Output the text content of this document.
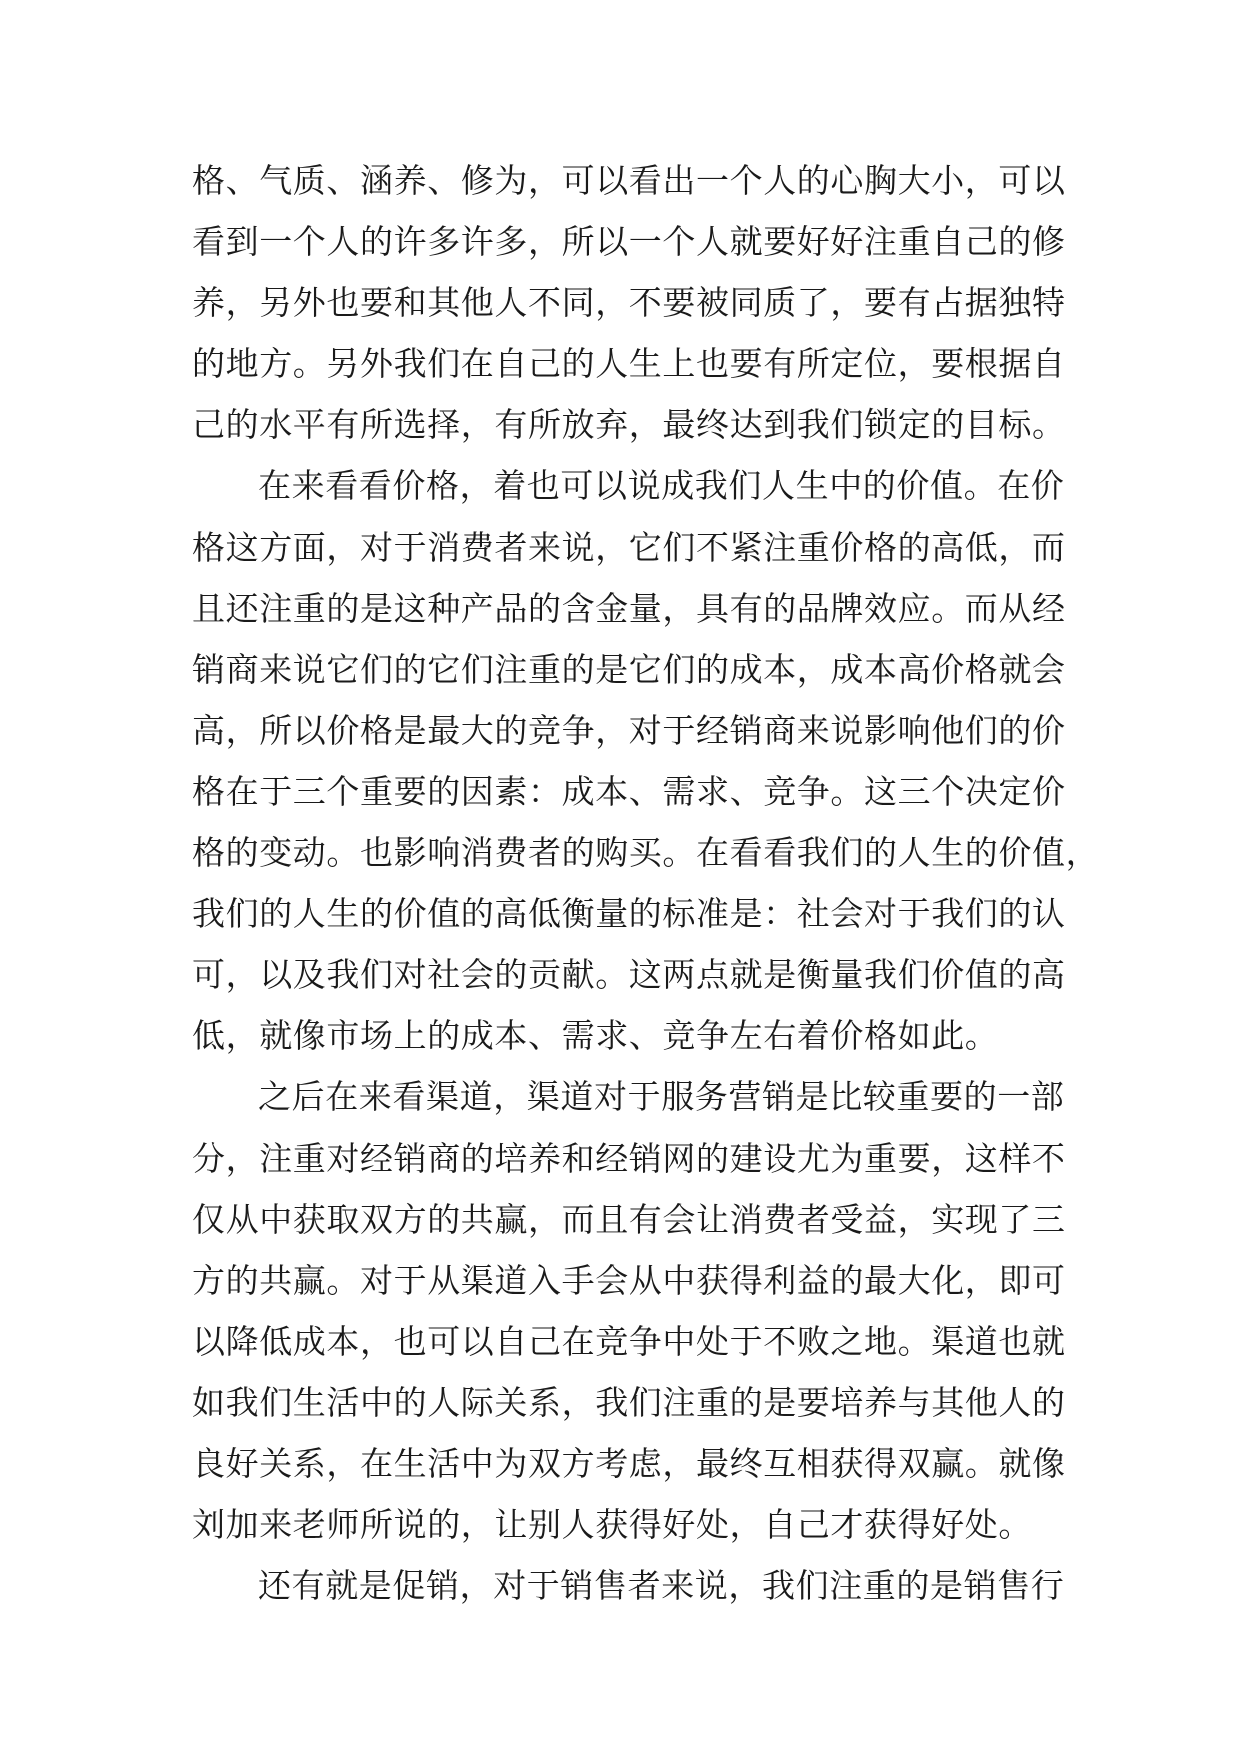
格、气质、涵养、修为，可以看出一个人的心胸大小，可以
看到一个人的许多许多，所以一个人就要好好注重自己的修
养，另外也要和其他人不同，不要被同质了，要有占据独特
的地方。另外我们在自己的人生上也要有所定位，要根据自
己的水平有所选择，有所放弃，最终达到我们锁定的目标。
在来看看价格，着也可以说成我们人生中的价值。在价
格这方面，对于消费者来说，它们不紧注重价格的高低，而
且还注重的是这种产品的含金量，具有的品牌效应。而从经
销商来说它们的它们注重的是它们的成本，成本高价格就会
高，所以价格是最大的竞争，对于经销商来说影响他们的价
格在于三个重要的因素：成本、需求、竞争。这三个决定价
格的变动。也影响消费者的购买。在看看我们的人生的价值，
我们的人生的价值的高低衡量的标准是：社会对于我们的认
可，以及我们对社会的贡献。这两点就是衡量我们价值的高
低，就像市场上的成本、需求、竞争左右着价格如此。
之后在来看渠道，渠道对于服务营销是比较重要的一部
分，注重对经销商的培养和经销网的建设尤为重要，这样不
仅从中获取双方的共赢，而且有会让消费者受益，实现了三
方的共赢。对于从渠道入手会从中获得利益的最大化，即可
以降低成本，也可以自己在竞争中处于不败之地。渠道也就
如我们生活中的人际关系，我们注重的是要培养与其他人的
良好关系，在生活中为双方考虑，最终互相获得双赢。就像
刘加来老师所说的，让别人获得好处，自己才获得好处。
还有就是促销，对于销售者来说，我们注重的是销售行
